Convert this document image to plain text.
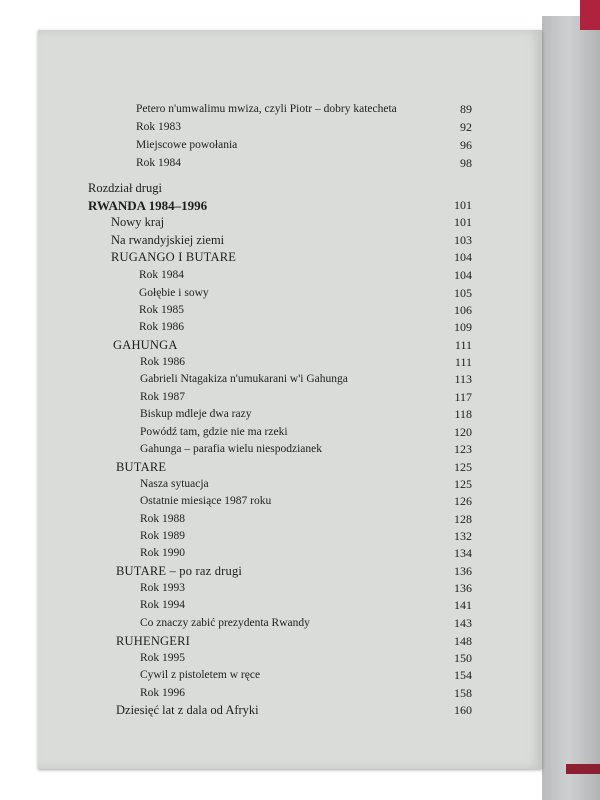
Petero n'umwalimu mwiza, czyli Piotr – dobry katecheta	89
Rok 1983	92
Miejscowe powołania	96
Rok 1984	98
Rozdział drugi
RWANDA 1984–1996	101
Nowy kraj	101
Na rwandyjskiej ziemi	103
RUGANGO I BUTARE	104
Rok 1984	104
Gołębie i sowy	105
Rok 1985	106
Rok 1986	109
GAHUNGA	111
Rok 1986	111
Gabrieli Ntagakiza n'umukarani w'i Gahunga	113
Rok 1987	117
Biskup mdleje dwa razy	118
Powódź tam, gdzie nie ma rzeki	120
Gahunga – parafia wielu niespodzianek	123
BUTARE	125
Nasza sytuacja	125
Ostatnie miesiące 1987 roku	126
Rok 1988	128
Rok 1989	132
Rok 1990	134
BUTARE – po raz drugi	136
Rok 1993	136
Rok 1994	141
Co znaczy zabić prezydenta Rwandy	143
RUHENGERI	148
Rok 1995	150
Cywil z pistoletem w ręce	154
Rok 1996	158
Dziesięć lat z dala od Afryki	160
